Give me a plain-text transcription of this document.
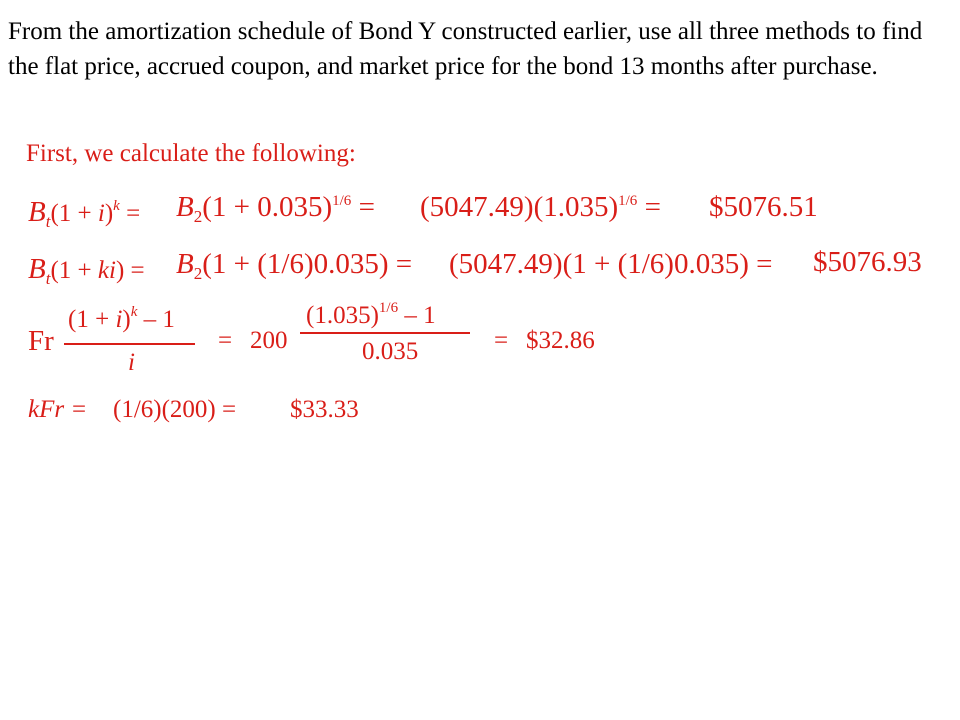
From the amortization schedule of Bond Y constructed earlier, use all three methods to find the flat price, accrued coupon, and market price for the bond 13 months after purchase.

First, we calculate the following:
$B_t(1 + i)^k = B_2(1 + 0.035)^{1/6} = (5047.49)(1.035)^{1/6}$ = $5076.51
$B_t(1 + ki) = B_2(1 + (1/6)0.035) = (5047.49)(1 + (1/6)0.035)$ = $5076.93
Fr
$(1 + i)^k - 1$
i
= 200
$(1.035)^{1/6} - 1$
0.035	= $32.86
kFr = (1/6)(200) = $33.33
